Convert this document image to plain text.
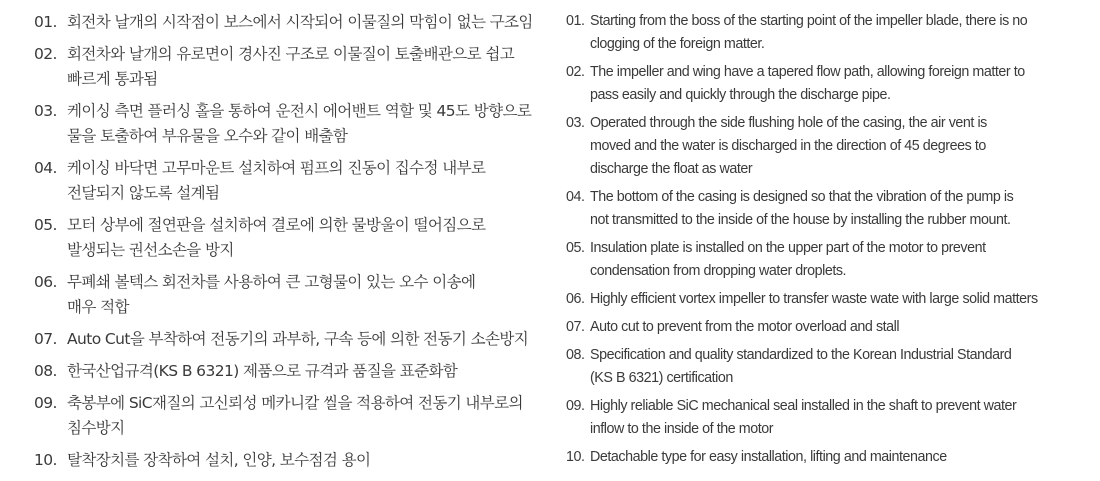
01. 회전차 날개의 시작점이 보스에서 시작되어 이물질의 막힘이 없는 구조임
02. 회전차와 날개의 유로면이 경사진 구조로 이물질이 토출배관으로 쉽고
빠르게 통과됨
03. 케이싱 측면 플러싱 홀을 통하여 운전시 에어밴트 역할 및 45도 방향으로
물을 토출하여 부유물을 오수와 같이 배출함
04. 케이싱 바닥면 고무마운트 설치하여 펌프의 진동이 집수정 내부로
전달되지 않도록 설계됨
05. 모터 상부에 절연판을 설치하여 결로에 의한 물방울이 떨어짐으로
발생되는 권선소손을 방지
06. 무폐쇄 볼텍스 회전차를 사용하여 큰 고형물이 있는 오수 이송에
매우 적합
07. Auto Cut을 부착하여 전동기의 과부하, 구속 등에 의한 전동기 소손방지
08. 한국산업규격(KS B 6321) 제품으로 규격과 품질을 표준화함
09. 축봉부에 SiC재질의 고신뢰성 메카니칼 씰을 적용하여 전동기 내부로의
침수방지
10. 탈착장치를 장착하여 설치, 인양, 보수점검 용이
01. Starting from the boss of the starting point of the impeller blade, there is no
clogging of the foreign matter.
02. The impeller and wing have a tapered flow path, allowing foreign matter to
pass easily and quickly through the discharge pipe.
03. Operated through the side flushing hole of the casing, the air vent is
moved and the water is discharged in the direction of 45 degrees to
discharge the float as water
04. The bottom of the casing is designed so that the vibration of the pump is
not transmitted to the inside of the house by installing the rubber mount.
05. Insulation plate is installed on the upper part of the motor to prevent
condensation from dropping water droplets.
06. Highly efficient vortex impeller to transfer waste wate with large solid matters
07. Auto cut to prevent from the motor overload and stall
08. Specification and quality standardized to the Korean Industrial Standard
(KS B 6321) certification
09. Highly reliable SiC mechanical seal installed in the shaft to prevent water
inflow to the inside of the motor
10. Detachable type for easy installation, lifting and maintenance
